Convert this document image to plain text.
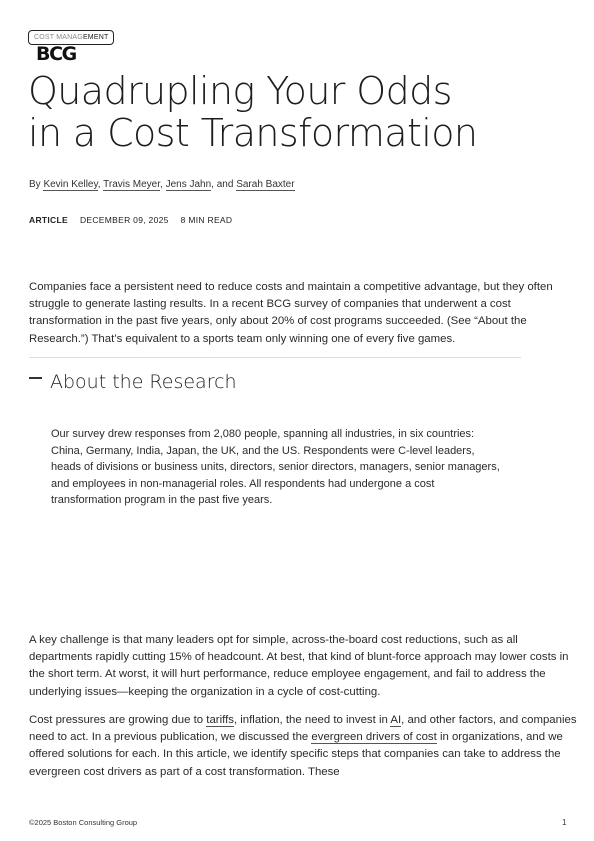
COST MANAGEMENT
BCG
Quadrupling Your Odds
in a Cost Transformation
By Kevin Kelley, Travis Meyer, Jens Jahn, and Sarah Baxter
ARTICLE DECEMBER 09, 2025 8 MIN READ

Companies face a persistent need to reduce costs and maintain a competitive advantage, but they often struggle to generate lasting results. In a recent BCG survey of companies that underwent a cost transformation in the past five years, only about 20% of cost programs succeeded. (See “About the Research.”) That’s equivalent to a sports team only winning one of every five games.

About the Research

Our survey drew responses from 2,080 people, spanning all industries, in six countries: China, Germany, India, Japan, the UK, and the US. Respondents were C-level leaders, heads of divisions or business units, directors, senior directors, managers, senior managers, and employees in non-managerial roles. All respondents had undergone a cost transformation program in the past five years.

A key challenge is that many leaders opt for simple, across-the-board cost reductions, such as all departments rapidly cutting 15% of headcount. At best, that kind of blunt-force approach may lower costs in the short term. At worst, it will hurt performance, reduce employee engagement, and fail to address the underlying issues—keeping the organization in a cycle of cost-cutting.

Cost pressures are growing due to tariffs, inflation, the need to invest in AI, and other factors, and companies need to act. In a previous publication, we discussed the evergreen drivers of cost in organizations, and we offered solutions for each. In this article, we identify specific steps that companies can take to address the evergreen cost drivers as part of a cost transformation. These

©2025 Boston Consulting Group	1
